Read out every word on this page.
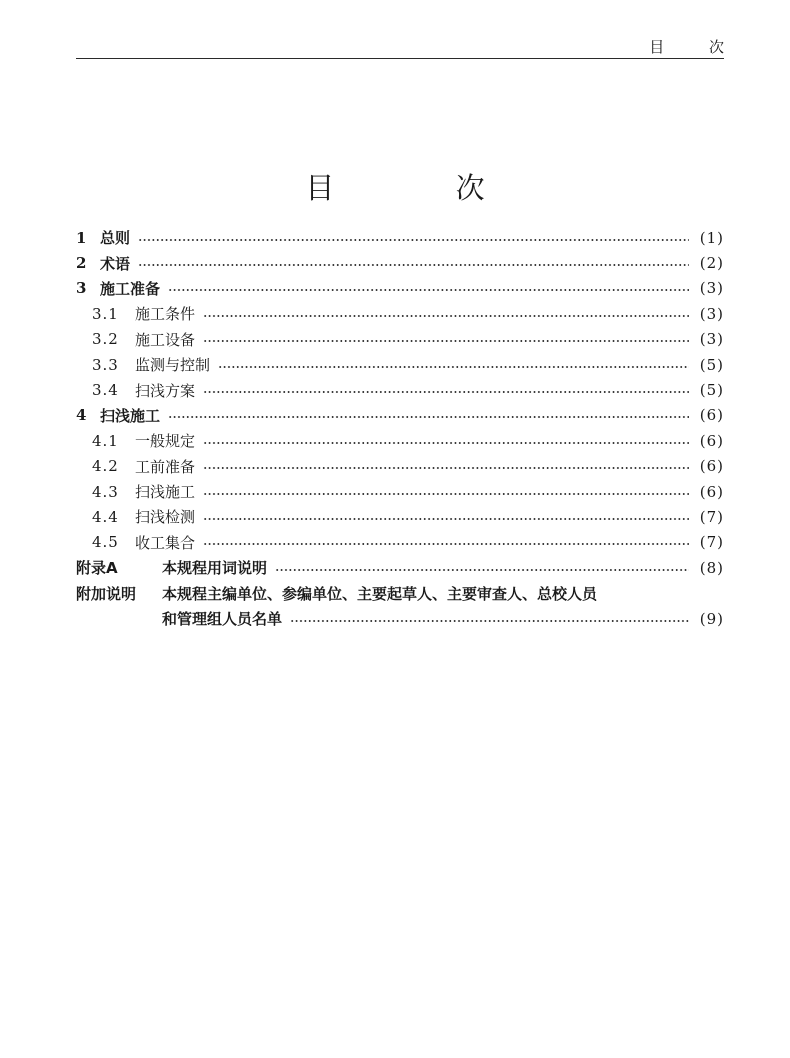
目 次
目 次
1 总则	(1)
2 术语	(2)
3 施工准备	(3)
3.1	施工条件	(3)
3.2	施工设备	(3)
3.3	监测与控制	(5)
3.4	扫浅方案	(5)
4 扫浅施工	(6)
4.1	一般规定	(6)
4.2	工前准备	(6)
4.3	扫浅施工	(6)
4.4	扫浅检测	(7)
4.5	收工集合	(7)
附录A	本规程用词说明	(8)
附加说明	本规程主编单位、参编单位、主要起草人、主要审查人、总校人员
和管理组人员名单	(9)
